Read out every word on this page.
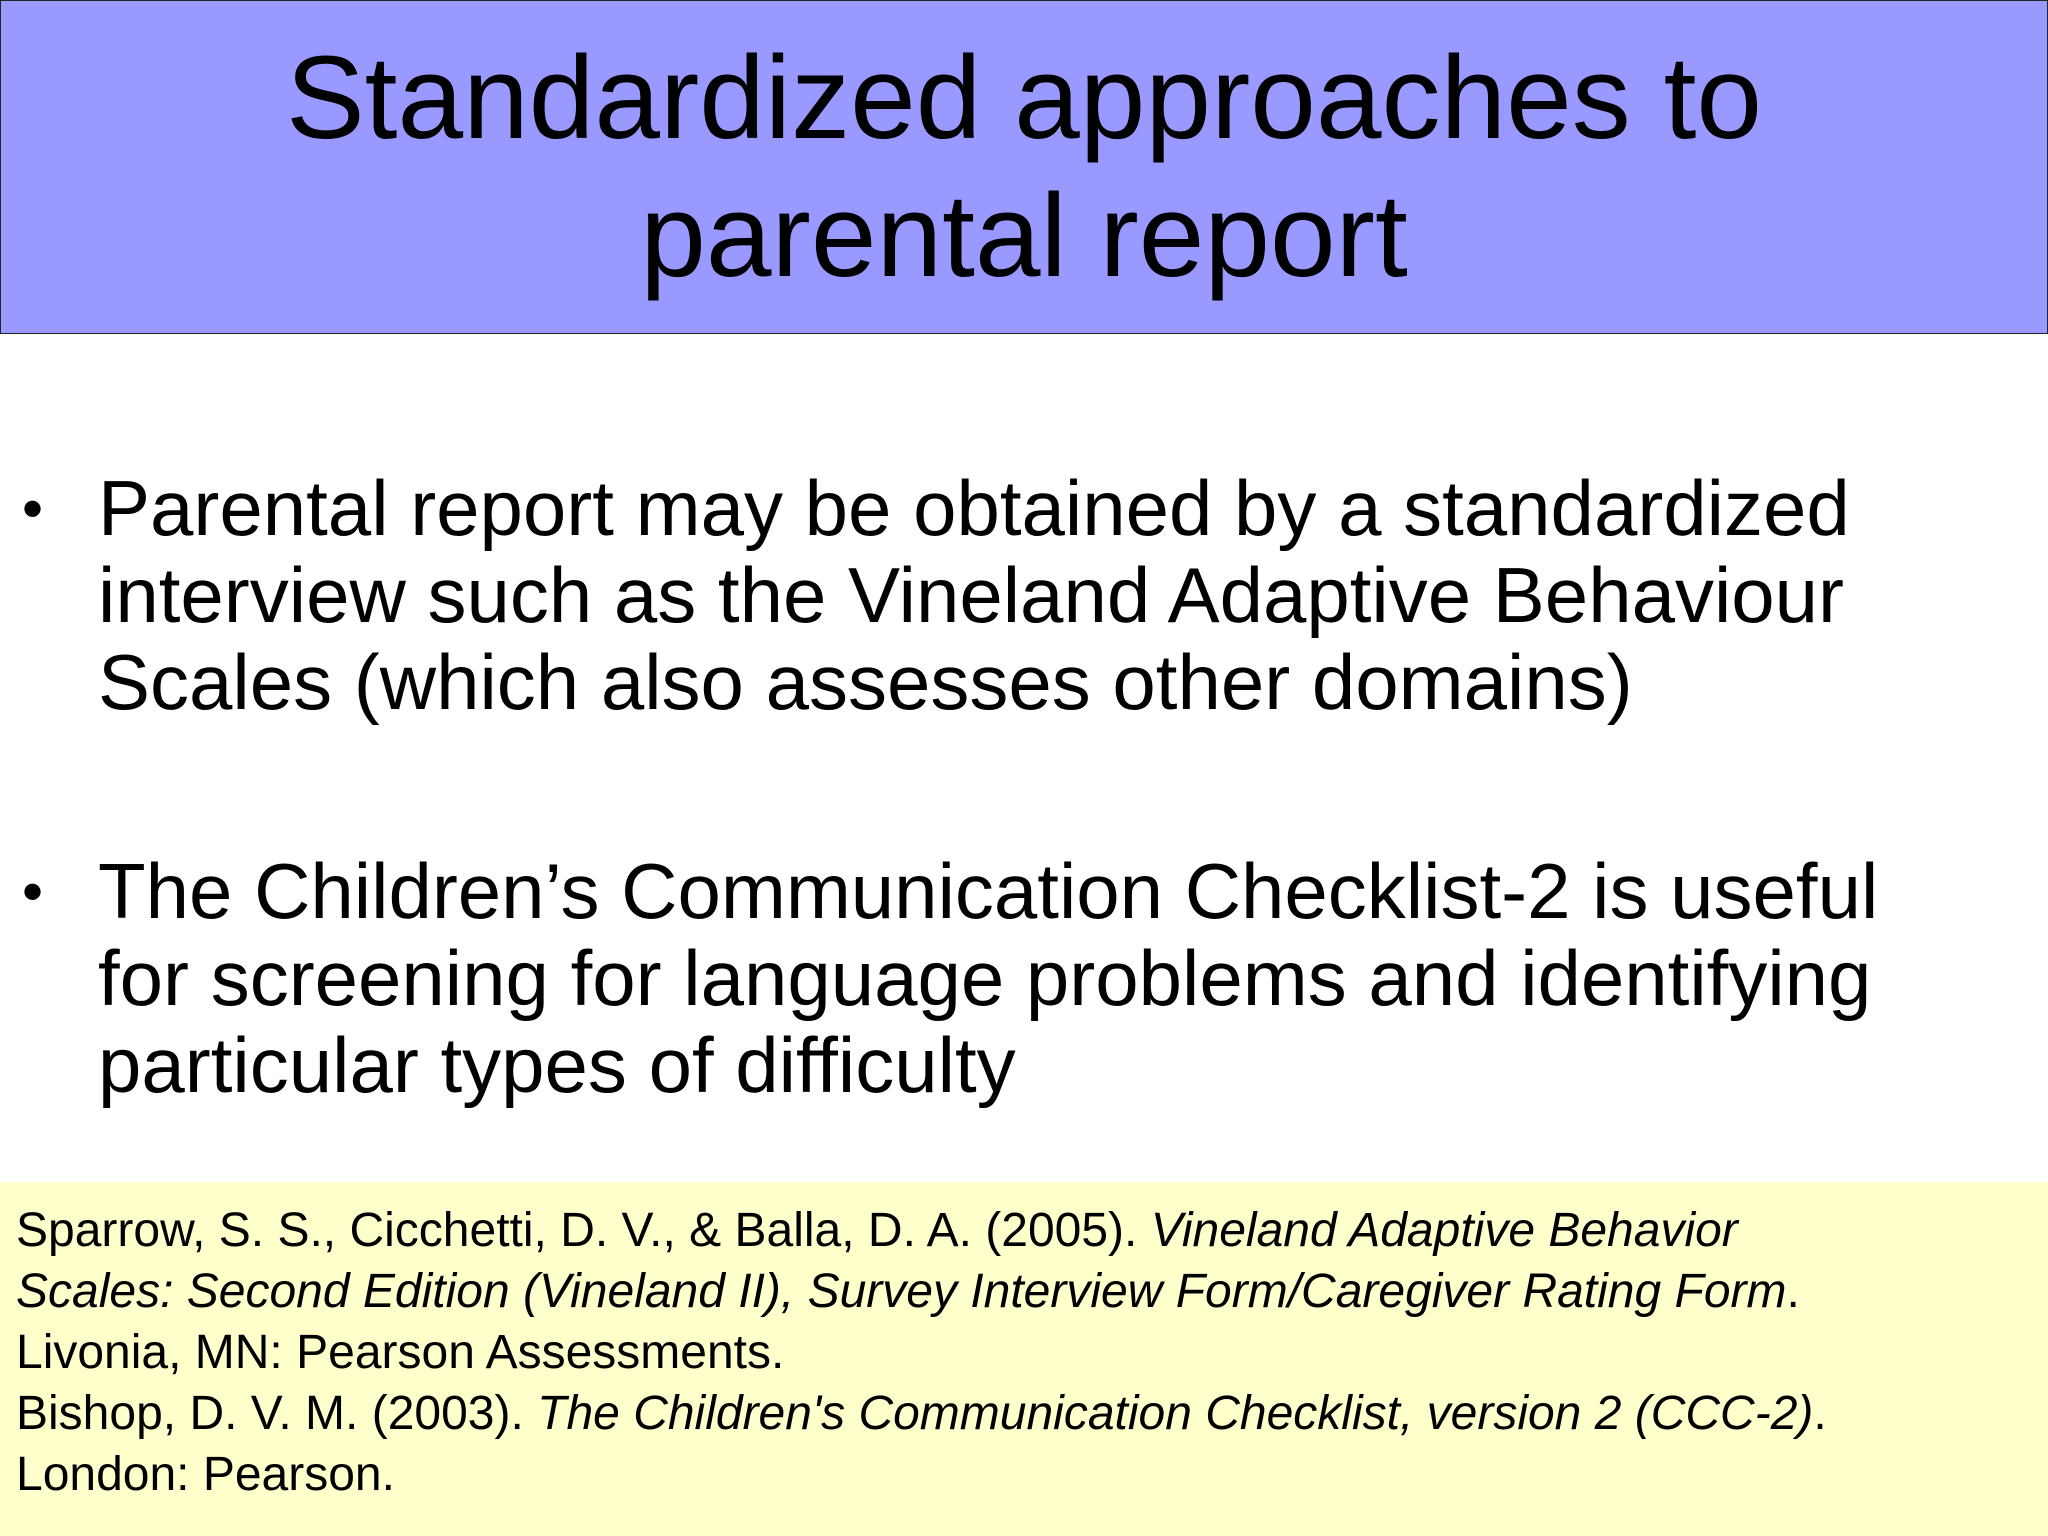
Standardized approaches to
parental report
• Parental report may be obtained by a standardized
interview such as the Vineland Adaptive Behaviour
Scales (which also assesses other domains)
• The Children’s Communication Checklist-2 is useful
for screening for language problems and identifying
particular types of difficulty
Sparrow, S. S., Cicchetti, D. V., & Balla, D. A. (2005). Vineland Adaptive Behavior
Scales: Second Edition (Vineland II), Survey Interview Form/Caregiver Rating Form.
Livonia, MN: Pearson Assessments.
Bishop, D. V. M. (2003). The Children's Communication Checklist, version 2 (CCC-2).
London: Pearson.
